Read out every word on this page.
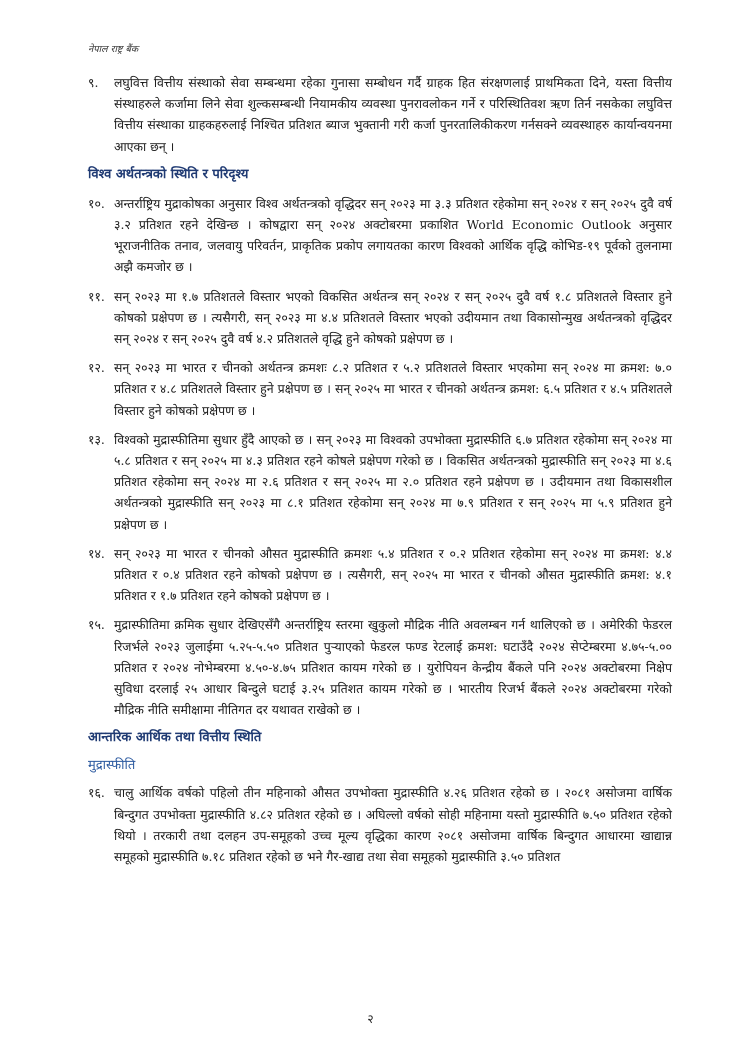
नेपाल राष्ट्र बैंक
९.	लघुवित्त वित्तीय संस्थाको सेवा सम्बन्धमा रहेका गुनासा सम्बोधन गर्दै ग्राहक हित संरक्षणलाई प्राथमिकता दिने, यस्ता वित्तीय संस्थाहरुले कर्जामा लिने सेवा शुल्कसम्बन्धी नियामकीय व्यवस्था पुनरावलोकन गर्ने र परिस्थितिवश ऋण तिर्न नसकेका लघुवित्त वित्तीय संस्थाका ग्राहकहरुलाई निश्चित प्रतिशत ब्याज भुक्तानी गरी कर्जा पुनरतालिकीकरण गर्नसक्ने व्यवस्थाहरु कार्यान्वयनमा आएका छन् ।
विश्व अर्थतन्त्रको स्थिति र परिदृश्य
१०. अन्तर्राष्ट्रिय मुद्राकोषका अनुसार विश्व अर्थतन्त्रको वृद्धिदर सन् २०२३ मा ३.३ प्रतिशत रहेकोमा सन् २०२४ र सन् २०२५ दुवै वर्ष ३.२ प्रतिशत रहने देखिन्छ । कोषद्वारा सन् २०२४ अक्टोबरमा प्रकाशित World Economic Outlook अनुसार भूराजनीतिक तनाव, जलवायु परिवर्तन, प्राकृतिक प्रकोप लगायतका कारण विश्वको आर्थिक वृद्धि कोभिड-१९ पूर्वको तुलनामा अझै कमजोर छ ।
११. सन् २०२३ मा १.७ प्रतिशतले विस्तार भएको विकसित अर्थतन्त्र सन् २०२४ र सन् २०२५ दुवै वर्ष १.८ प्रतिशतले विस्तार हुने कोषको प्रक्षेपण छ । त्यसैगरी, सन् २०२३ मा ४.४ प्रतिशतले विस्तार भएको उदीयमान तथा विकासोन्मुख अर्थतन्त्रको वृद्धिदर सन् २०२४ र सन् २०२५ दुवै वर्ष ४.२ प्रतिशतले वृद्धि हुने कोषको प्रक्षेपण छ ।
१२. सन् २०२३ मा भारत र चीनको अर्थतन्त्र क्रमशः ८.२ प्रतिशत र ५.२ प्रतिशतले विस्तार भएकोमा सन् २०२४ मा क्रमश: ७.० प्रतिशत र ४.८ प्रतिशतले विस्तार हुने प्रक्षेपण छ । सन् २०२५ मा भारत र चीनको अर्थतन्त्र क्रमश: ६.५ प्रतिशत र ४.५ प्रतिशतले विस्तार हुने कोषको प्रक्षेपण छ ।
१३. विश्वको मुद्रास्फीतिमा सुधार हुँदै आएको छ । सन् २०२३ मा विश्वको उपभोक्ता मुद्रास्फीति ६.७ प्रतिशत रहेकोमा सन् २०२४ मा ५.८ प्रतिशत र सन् २०२५ मा ४.३ प्रतिशत रहने कोषले प्रक्षेपण गरेको छ । विकसित अर्थतन्त्रको मुद्रास्फीति सन् २०२३ मा ४.६ प्रतिशत रहेकोमा सन् २०२४ मा २.६ प्रतिशत र सन् २०२५ मा २.० प्रतिशत रहने प्रक्षेपण छ । उदीयमान तथा विकासशील अर्थतन्त्रको मुद्रास्फीति सन् २०२३ मा ८.१ प्रतिशत रहेकोमा सन् २०२४ मा ७.९ प्रतिशत र सन् २०२५ मा ५.९ प्रतिशत हुने प्रक्षेपण छ ।
१४. सन् २०२३ मा भारत र चीनको औसत मुद्रास्फीति क्रमशः ५.४ प्रतिशत र ०.२ प्रतिशत रहेकोमा सन् २०२४ मा क्रमश: ४.४ प्रतिशत र ०.४ प्रतिशत रहने कोषको प्रक्षेपण छ । त्यसैगरी, सन् २०२५ मा भारत र चीनको औसत मुद्रास्फीति क्रमश: ४.१ प्रतिशत र १.७ प्रतिशत रहने कोषको प्रक्षेपण छ ।
१५. मुद्रास्फीतिमा क्रमिक सुधार देखिएसँगै अन्तर्राष्ट्रिय स्तरमा खुकुलो मौद्रिक नीति अवलम्बन गर्न थालिएको छ । अमेरिकी फेडरल रिजर्भले २०२३ जुलाईमा ५.२५-५.५० प्रतिशत पुर्‍याएको फेडरल फण्ड रेटलाई क्रमश: घटाउँदै २०२४ सेप्टेम्बरमा ४.७५-५.०० प्रतिशत र २०२४ नोभेम्बरमा ४.५०-४.७५ प्रतिशत कायम गरेको छ । युरोपियन केन्द्रीय बैंकले पनि २०२४ अक्टोबरमा निक्षेप सुविधा दरलाई २५ आधार बिन्दुले घटाई ३.२५ प्रतिशत कायम गरेको छ । भारतीय रिजर्भ बैंकले २०२४ अक्टोबरमा गरेको मौद्रिक नीति समीक्षामा नीतिगत दर यथावत राखेको छ ।
आन्तरिक आर्थिक तथा वित्तीय स्थिति
मुद्रास्फीति
१६. चालु आर्थिक वर्षको पहिलो तीन महिनाको औसत उपभोक्ता मुद्रास्फीति ४.२६ प्रतिशत रहेको छ । २०८१ असोजमा वार्षिक बिन्दुगत उपभोक्ता मुद्रास्फीति ४.८२ प्रतिशत रहेको छ । अघिल्लो वर्षको सोही महिनामा यस्तो मुद्रास्फीति ७.५० प्रतिशत रहेको थियो । तरकारी तथा दलहन उप-समूहको उच्च मूल्य वृद्धिका कारण २०८१ असोजमा वार्षिक बिन्दुगत आधारमा खाद्यान्न समूहको मुद्रास्फीति ७.१८ प्रतिशत रहेको छ भने गैर-खाद्य तथा सेवा समूहको मुद्रास्फीति ३.५० प्रतिशत
२
